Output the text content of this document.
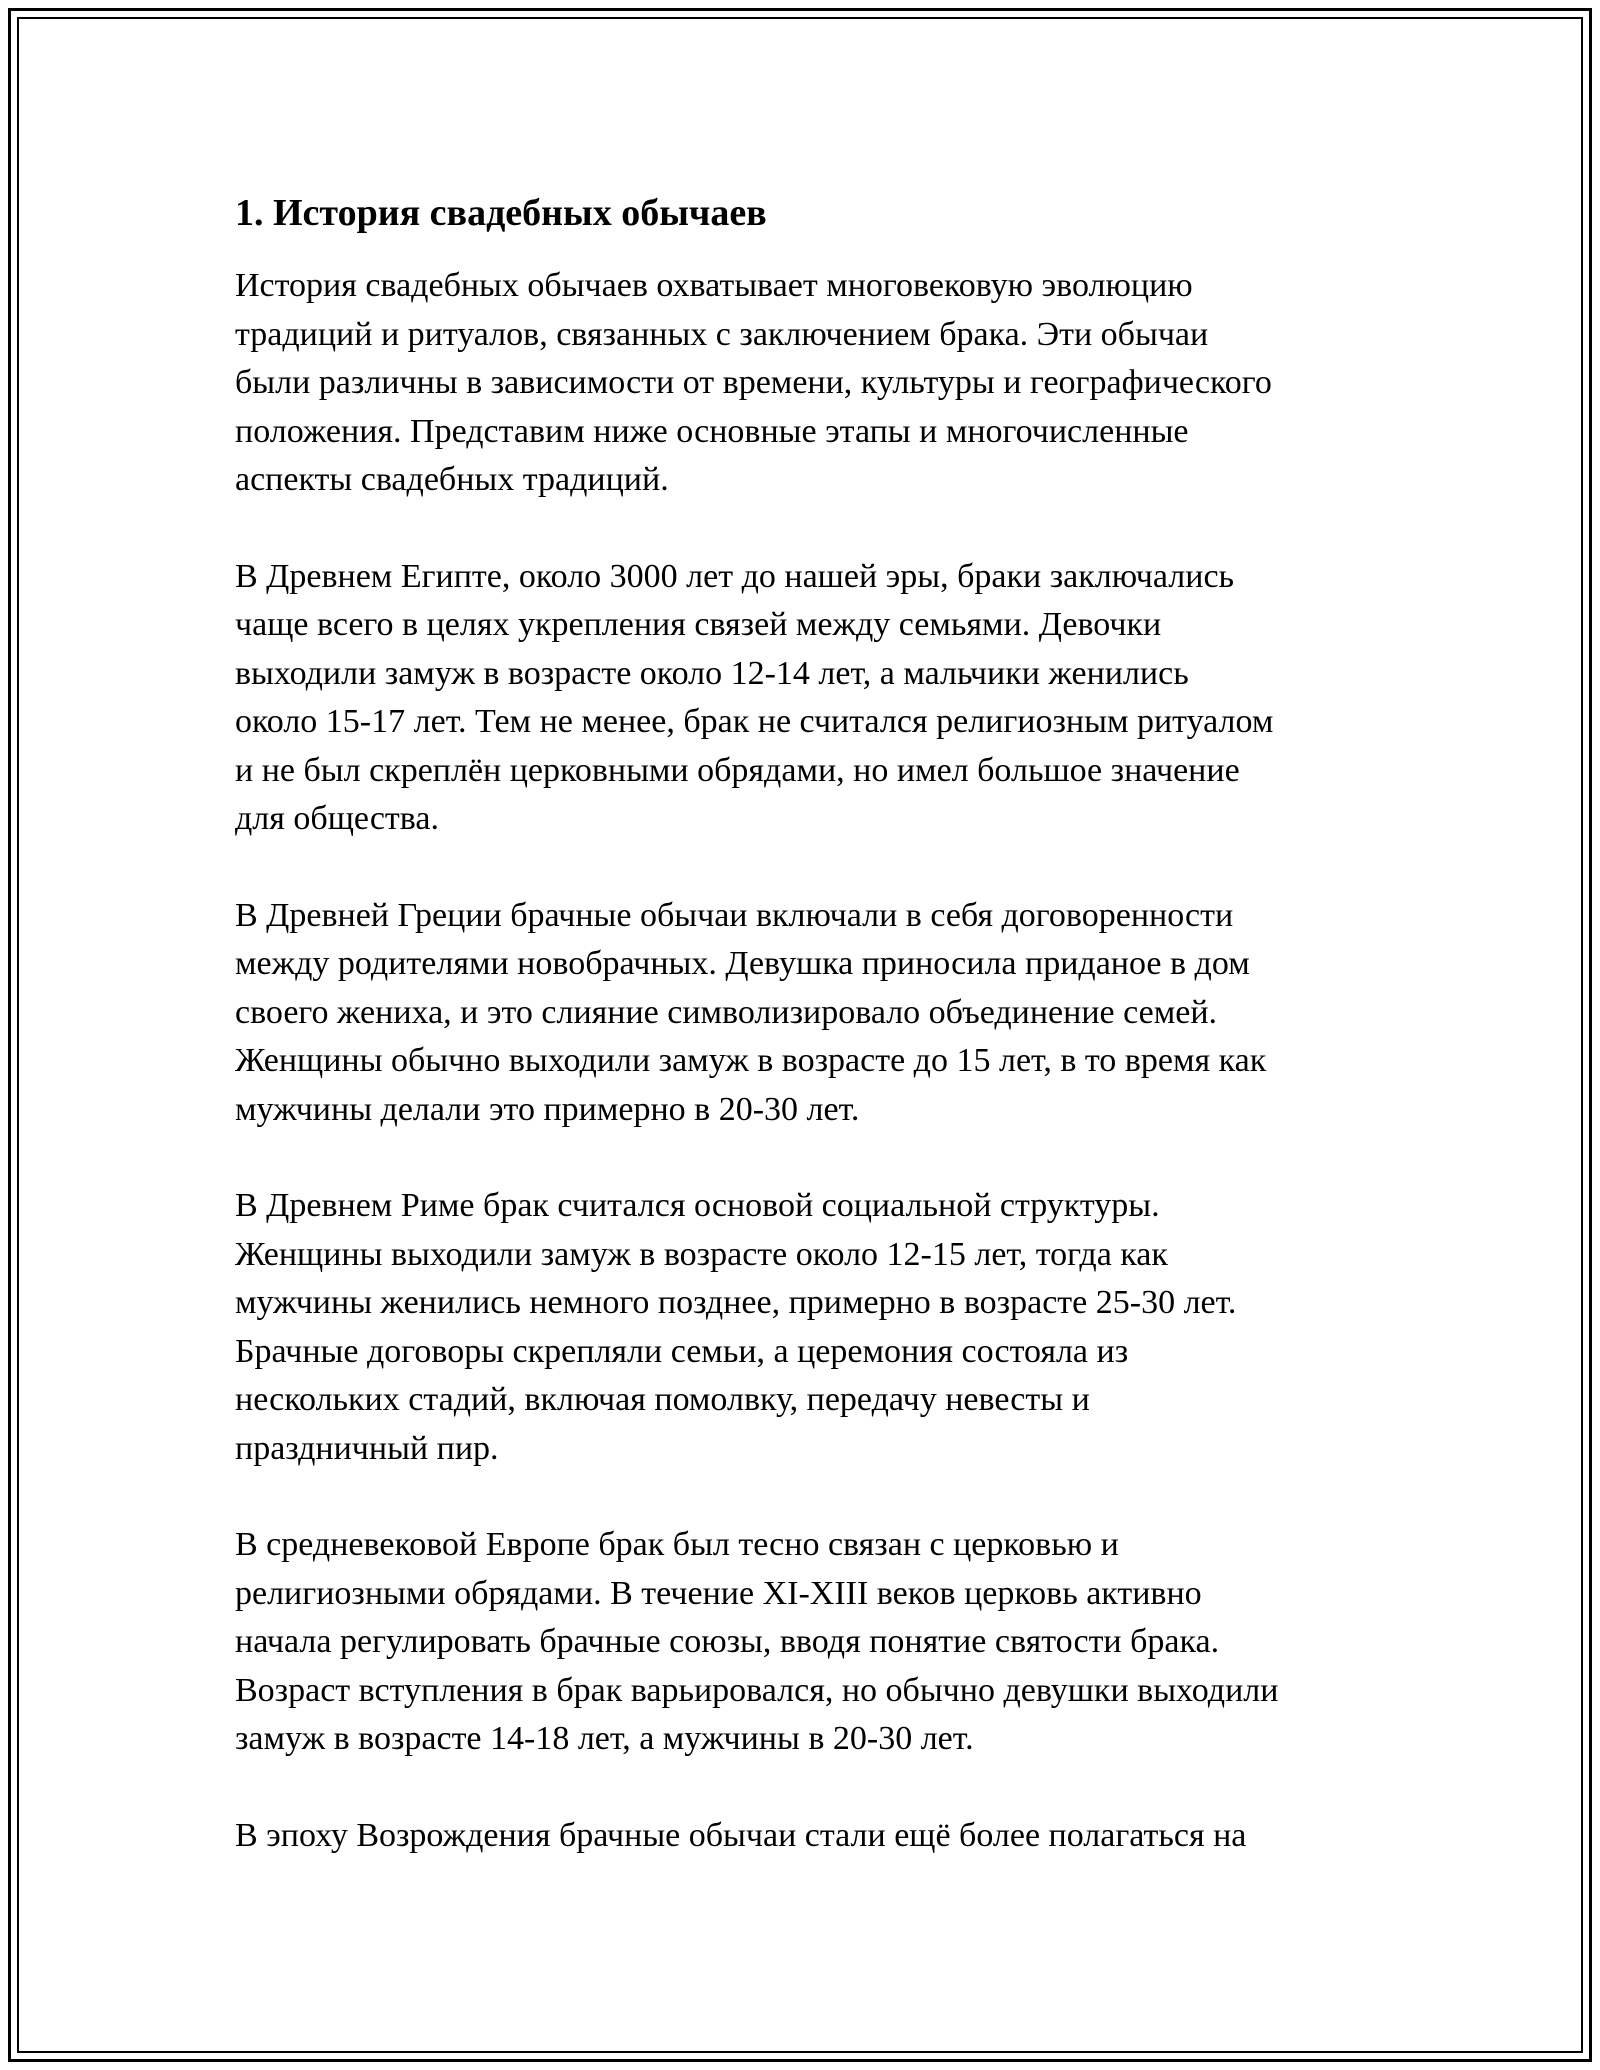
1. История свадебных обычаев

История свадебных обычаев охватывает многовековую эволюцию
традиций и ритуалов, связанных с заключением брака. Эти обычаи
были различны в зависимости от времени, культуры и географического
положения. Представим ниже основные этапы и многочисленные
аспекты свадебных традиций.

В Древнем Египте, около 3000 лет до нашей эры, браки заключались
чаще всего в целях укрепления связей между семьями. Девочки
выходили замуж в возрасте около 12-14 лет, а мальчики женились
около 15-17 лет. Тем не менее, брак не считался религиозным ритуалом
и не был скреплён церковными обрядами, но имел большое значение
для общества.

В Древней Греции брачные обычаи включали в себя договоренности
между родителями новобрачных. Девушка приносила приданое в дом
своего жениха, и это слияние символизировало объединение семей.
Женщины обычно выходили замуж в возрасте до 15 лет, в то время как
мужчины делали это примерно в 20-30 лет.

В Древнем Риме брак считался основой социальной структуры.
Женщины выходили замуж в возрасте около 12-15 лет, тогда как
мужчины женились немного позднее, примерно в возрасте 25-30 лет.
Брачные договоры скрепляли семьи, а церемония состояла из
нескольких стадий, включая помолвку, передачу невесты и
праздничный пир.

В средневековой Европе брак был тесно связан с церковью и
религиозными обрядами. В течение XI-XIII веков церковь активно
начала регулировать брачные союзы, вводя понятие святости брака.
Возраст вступления в брак варьировался, но обычно девушки выходили
замуж в возрасте 14-18 лет, а мужчины в 20-30 лет.

В эпоху Возрождения брачные обычаи стали ещё более полагаться на
